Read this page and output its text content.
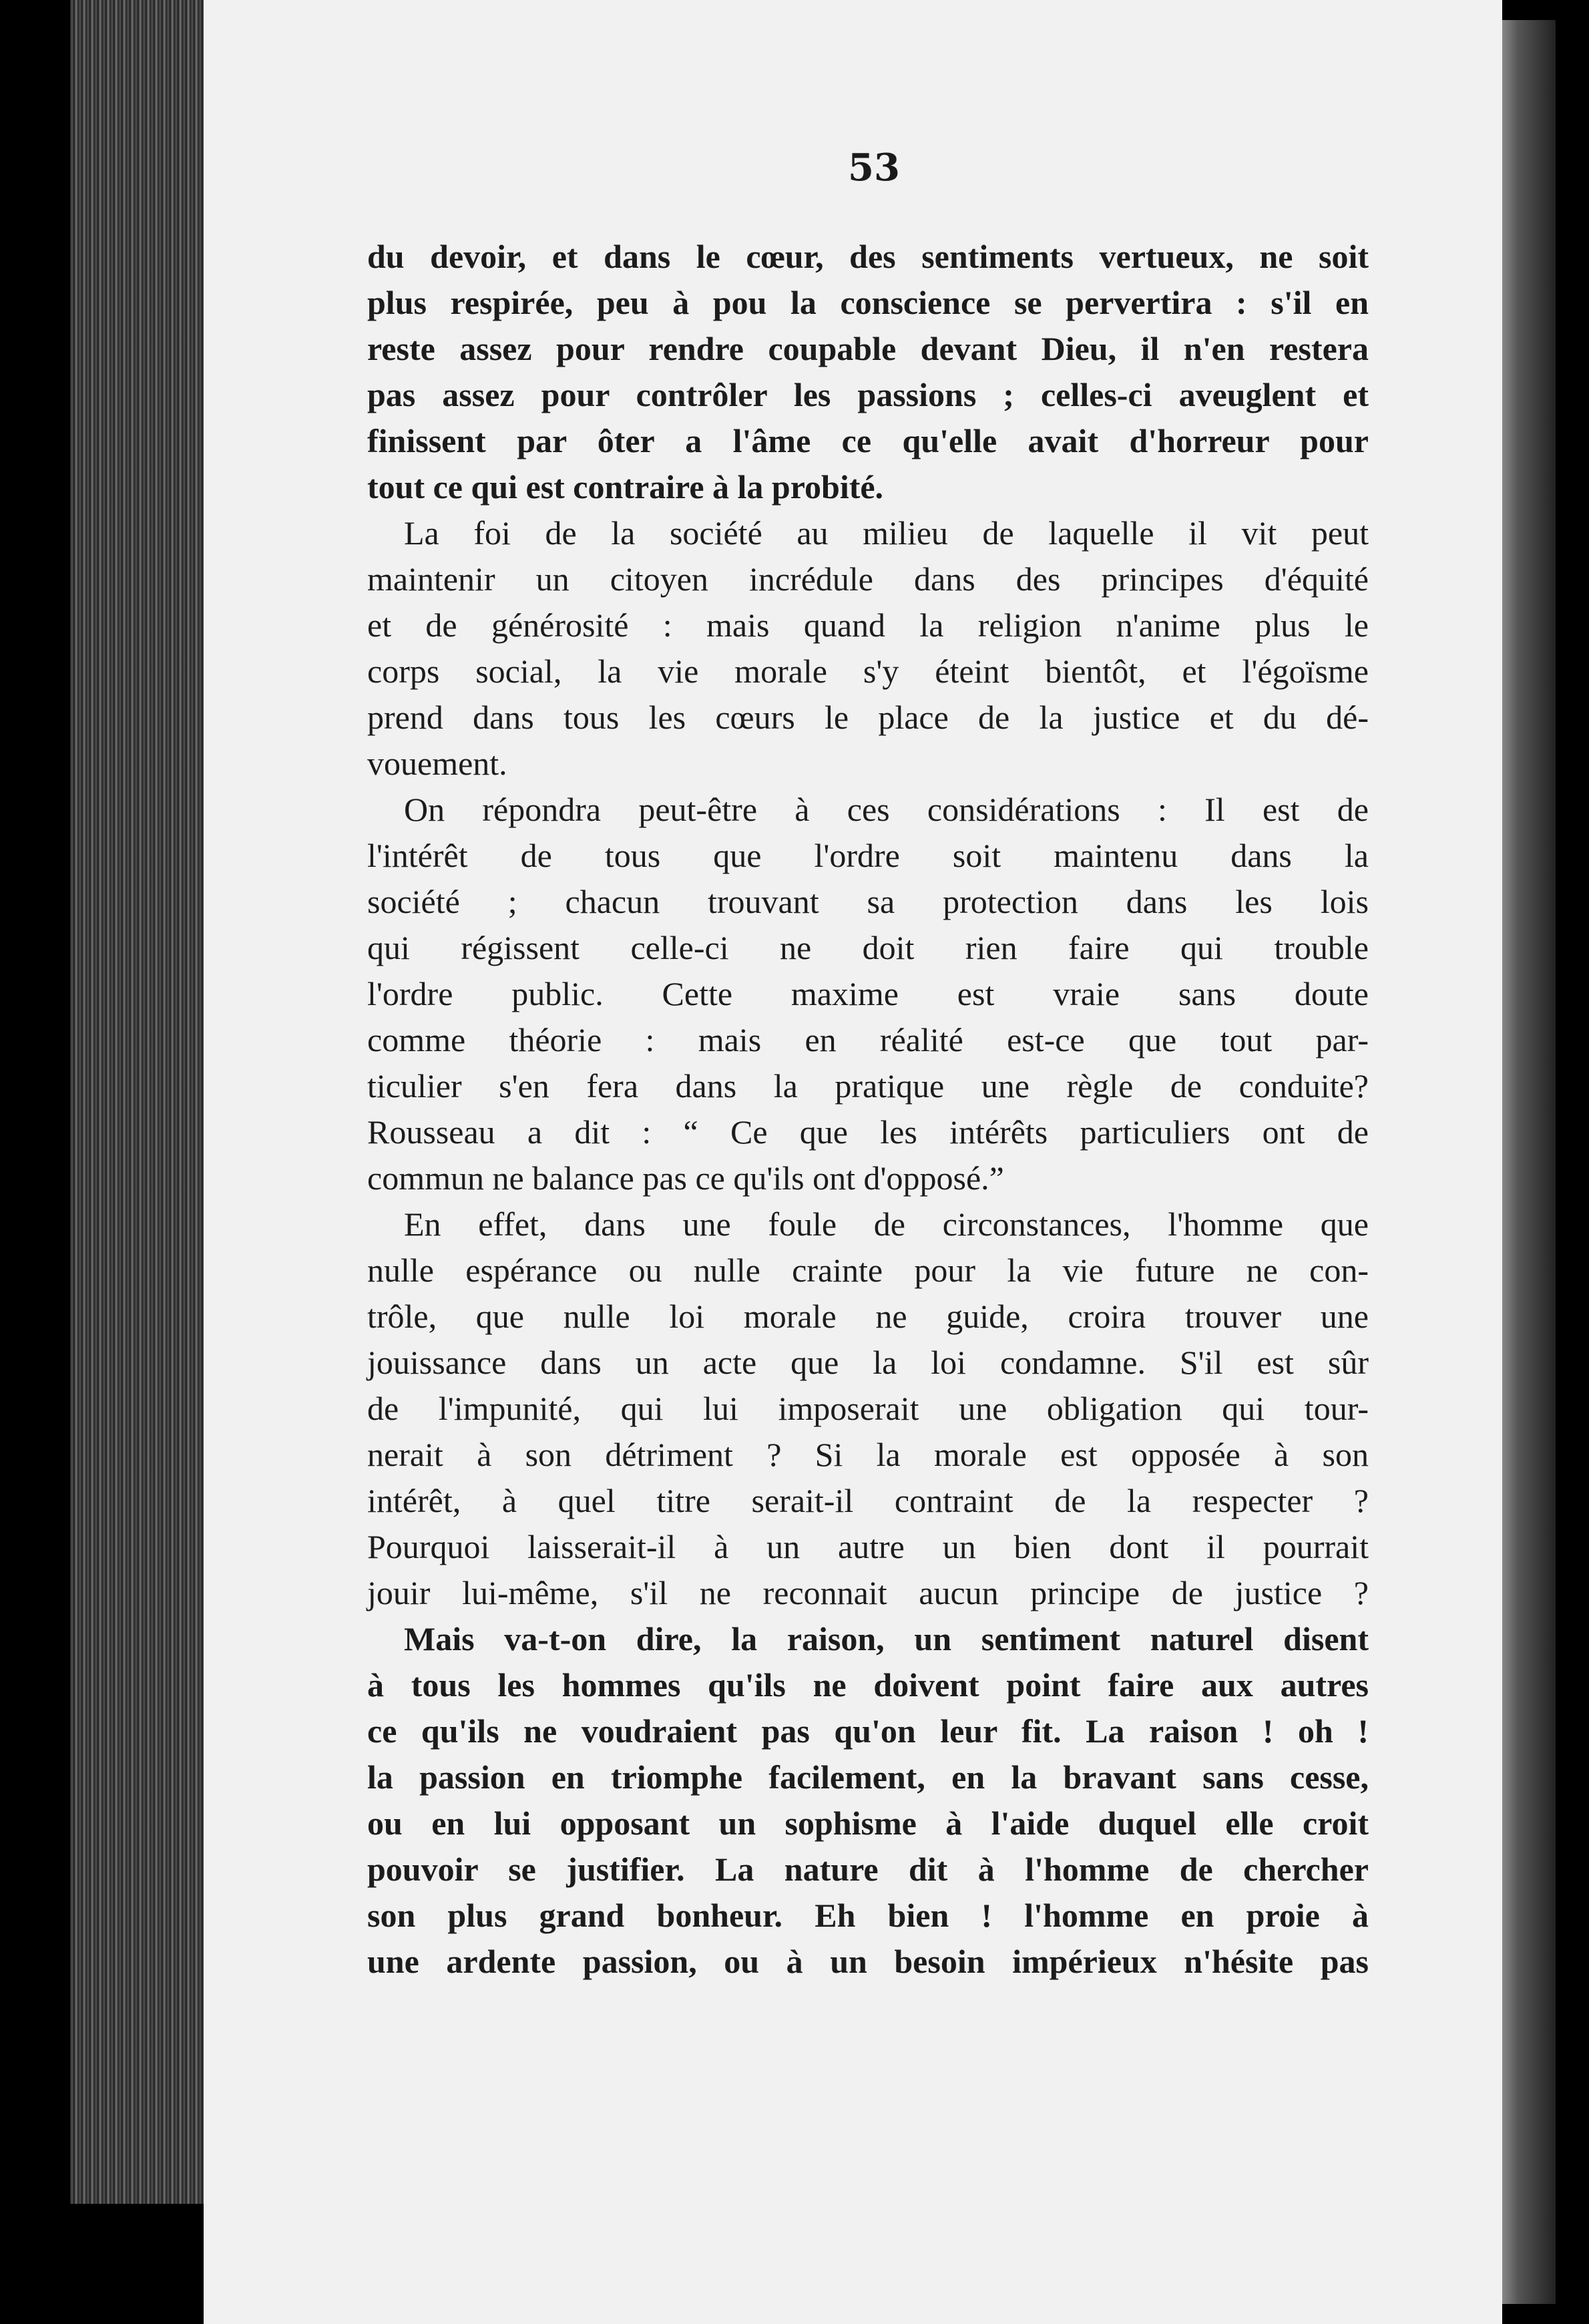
53
du devoir, et dans le cœur, des sentiments vertueux, ne soit
plus respirée, peu à pou la conscience se pervertira : s'il en
reste assez pour rendre coupable devant Dieu, il n'en restera
pas assez pour contrôler les passions ; celles-ci aveuglent et
finissent par ôter a l'âme ce qu'elle avait d'horreur pour
tout ce qui est contraire à la probité.
La foi de la société au milieu de laquelle il vit peut
maintenir un citoyen incrédule dans des principes d'équité
et de générosité : mais quand la religion n'anime plus le
corps social, la vie morale s'y éteint bientôt, et l'égoïsme
prend dans tous les cœurs le place de la justice et du dé-
vouement.
On répondra peut-être à ces considérations : Il est de
l'intérêt de tous que l'ordre soit maintenu dans la
société ; chacun trouvant sa protection dans les lois
qui régissent celle-ci ne doit rien faire qui trouble
l'ordre public. Cette maxime est vraie sans doute
comme théorie : mais en réalité est-ce que tout par-
ticulier s'en fera dans la pratique une règle de conduite?
Rousseau a dit : “ Ce que les intérêts particuliers ont de
commun ne balance pas ce qu'ils ont d'opposé.”
En effet, dans une foule de circonstances, l'homme que
nulle espérance ou nulle crainte pour la vie future ne con-
trôle, que nulle loi morale ne guide, croira trouver une
jouissance dans un acte que la loi condamne. S'il est sûr
de l'impunité, qui lui imposerait une obligation qui tour-
nerait à son détriment ? Si la morale est opposée à son
intérêt, à quel titre serait-il contraint de la respecter ?
Pourquoi laisserait-il à un autre un bien dont il pourrait
jouir lui-même, s'il ne reconnait aucun principe de justice ?
Mais va-t-on dire, la raison, un sentiment naturel disent
à tous les hommes qu'ils ne doivent point faire aux autres
ce qu'ils ne voudraient pas qu'on leur fit. La raison ! oh !
la passion en triomphe facilement, en la bravant sans cesse,
ou en lui opposant un sophisme à l'aide duquel elle croit
pouvoir se justifier. La nature dit à l'homme de chercher
son plus grand bonheur. Eh bien ! l'homme en proie à
une ardente passion, ou à un besoin impérieux n'hésite pas
